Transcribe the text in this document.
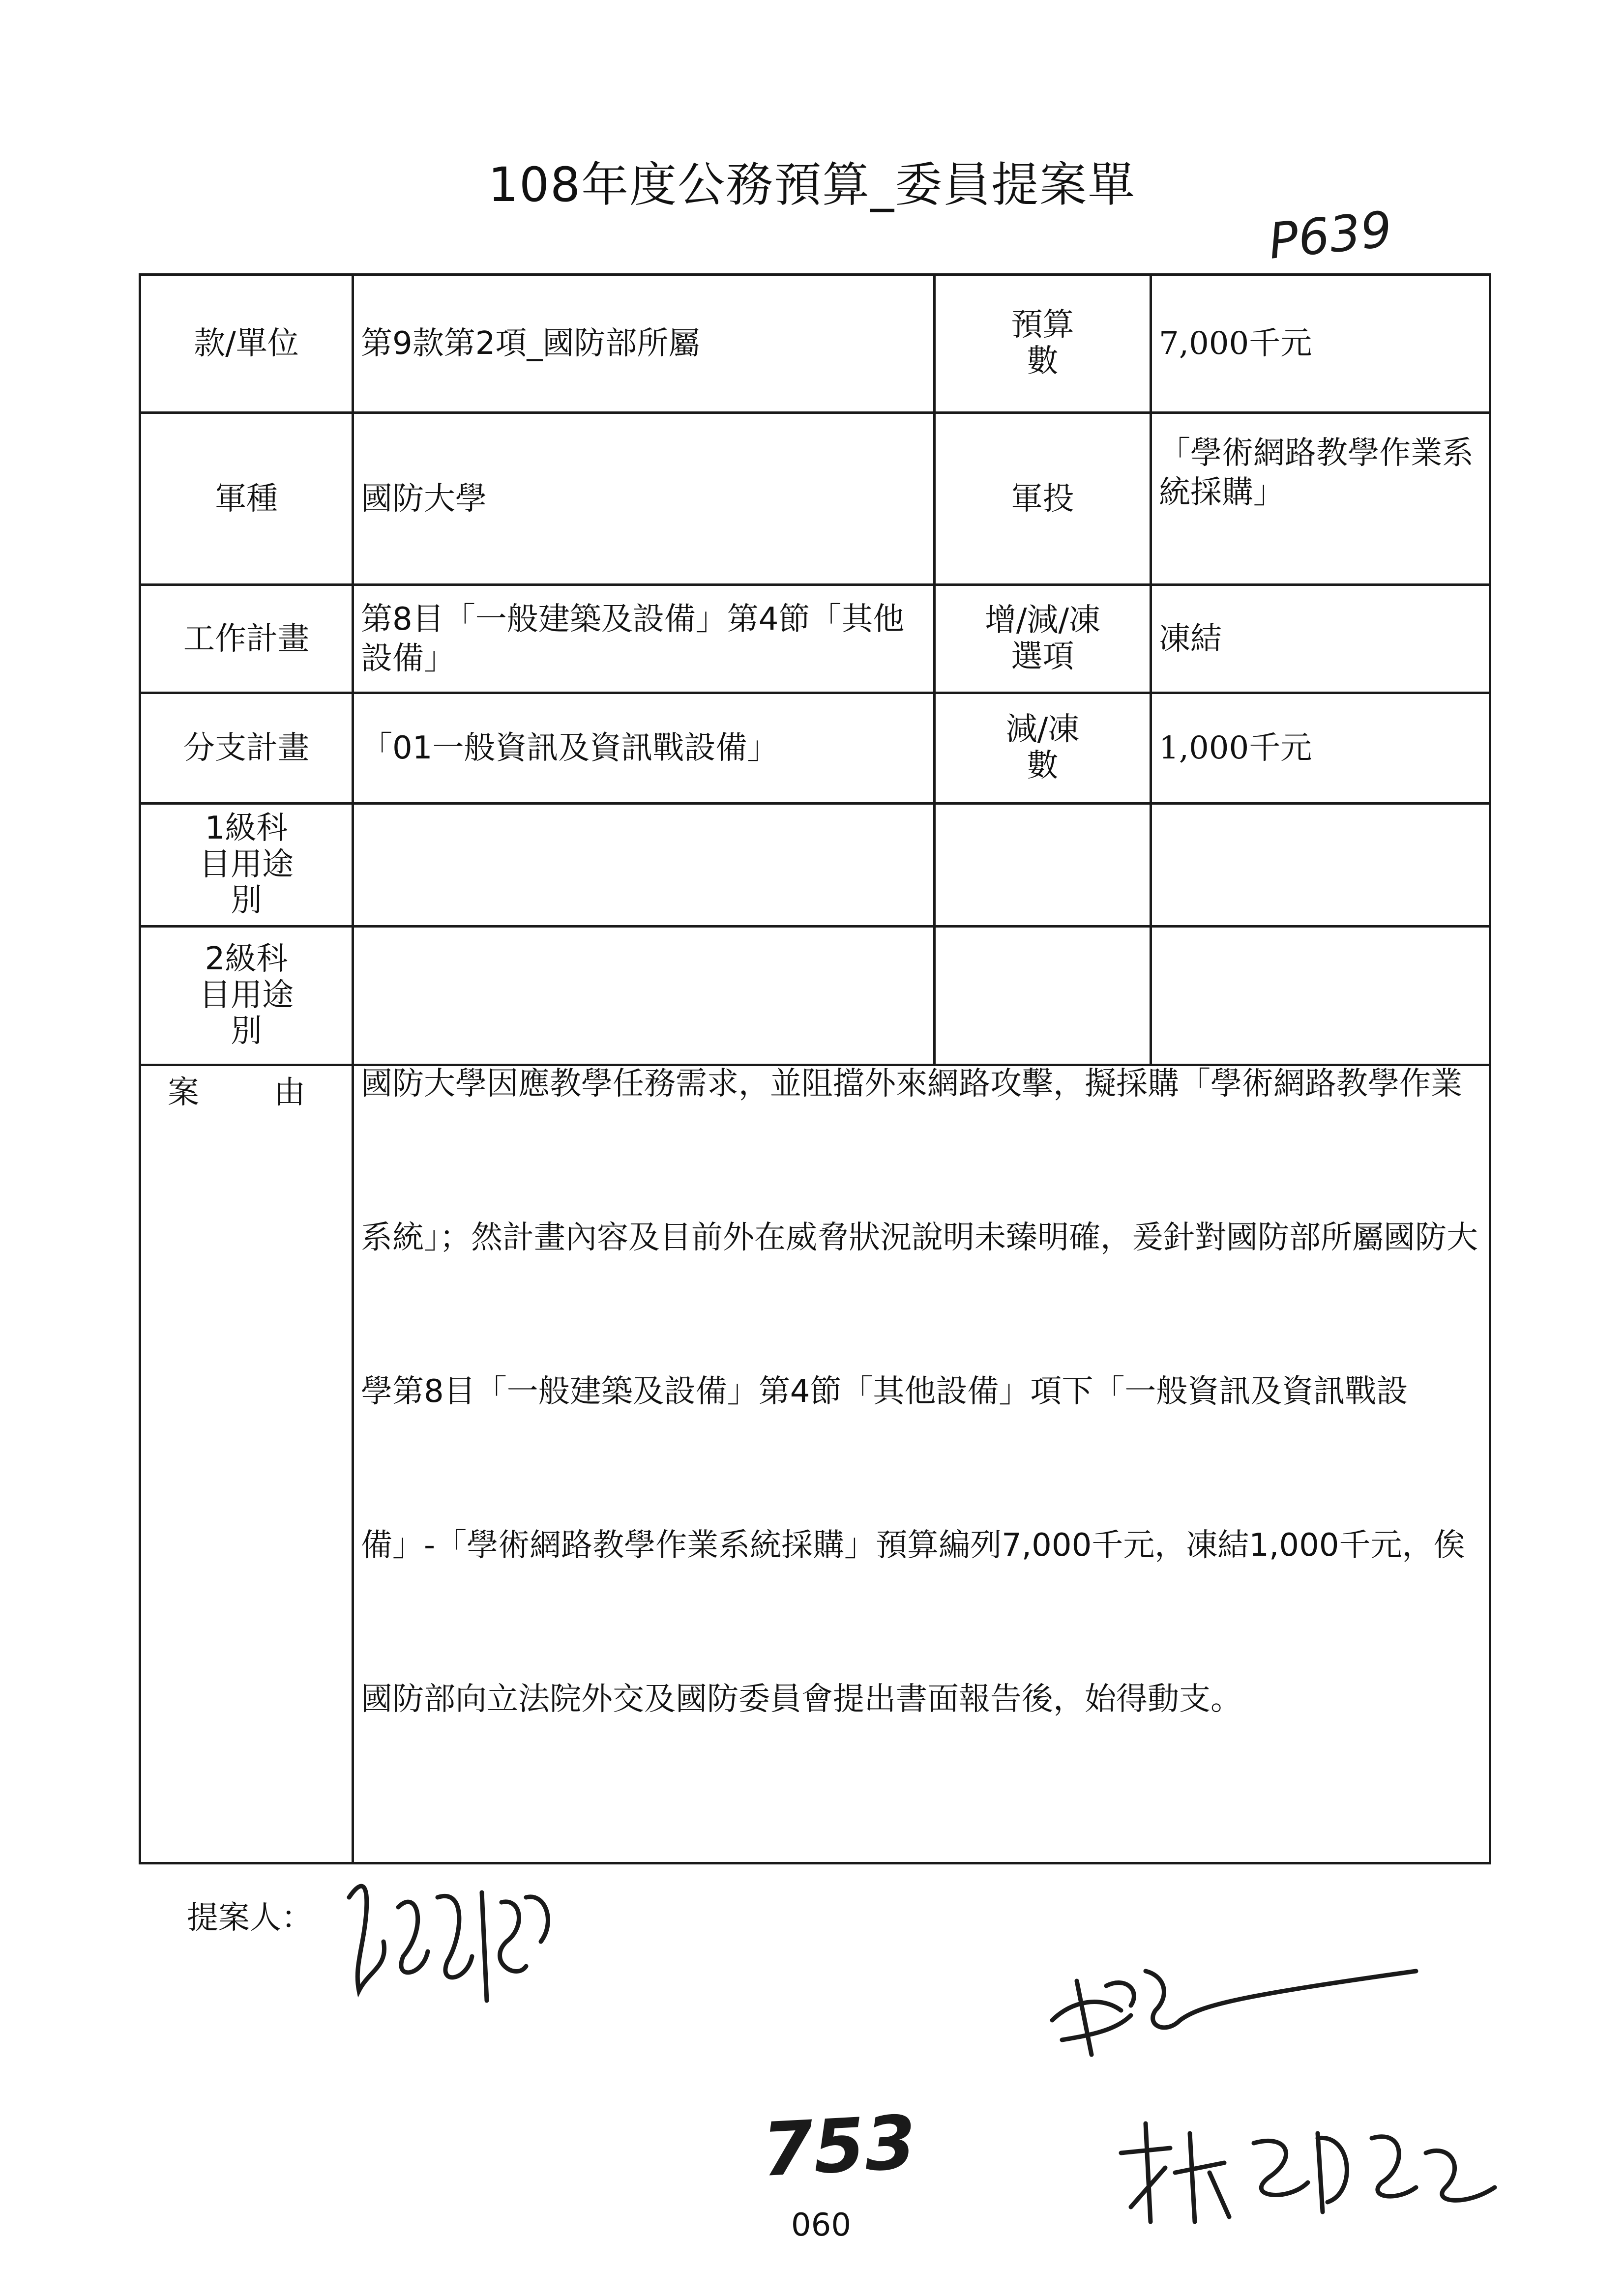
108年度公務預算_委員提案單
P639
款/單位	第9款第2項_國防部所屬	預算數	7,000千元
軍種	國防大學	軍投	「學術網路教學作業系統採購」
工作計畫	第8目「一般建築及設備」第4節「其他設備」	增/減/凍選項	凍結
分支計畫	「01一般資訊及資訊戰設備」	減/凍數	1,000千元

1級科目用途別			

2級科目用途別			

案 由	國防大學因應教學任務需求，並阻擋外來網路攻擊，擬採購「學術網路教學作業系統」；然計畫內容及目前外在威脅狀況說明未臻明確，爰針對國防部所屬國防大學第8目「一般建築及設備」第4節「其他設備」項下「一般資訊及資訊戰設備」-「學術網路教學作業系統採購」預算編列7,000千元，凍結1,000千元，俟國防部向立法院外交及國防委員會提出書面報告後，始得動支。		
提案人：
753
060
